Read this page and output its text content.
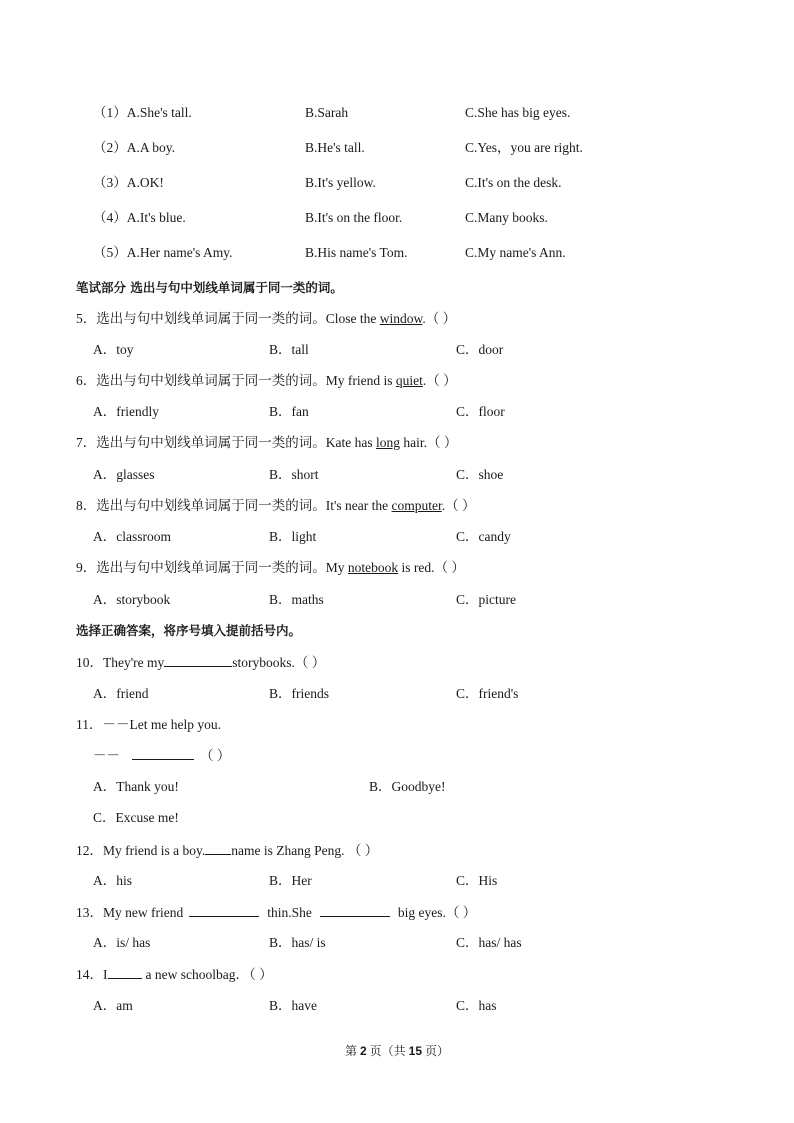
（1）A.She's tall.	B.Sarah	C.She has big eyes.
（2）A.A boy.	B.He's tall.	C.Yes，you are right.
（3）A.OK!	B.It's yellow.	C.It's on the desk.
（4）A.It's blue.	B.It's on the floor.	C.Many books.
（5）A.Her name's Amy.	B.His name's Tom.	C.My name's Ann.
笔试部分 选出与句中划线单词属于同一类的词。
5．选出与句中划线单词属于同一类的词。Close the window.（ ）
A．toy	B．tall	C．door
6．选出与句中划线单词属于同一类的词。My friend is quiet.（ ）
A．friendly	B．fan	C．floor
7．选出与句中划线单词属于同一类的词。Kate has long hair.（ ）
A．glasses	B．short	C．shoe
8．选出与句中划线单词属于同一类的词。It's near the computer.（ ）
A．classroom	B．light	C．candy
9．选出与句中划线单词属于同一类的词。My notebook is red.（ ）
A．storybook	B．maths	C．picture
选择正确答案，将序号填入提前括号内。
10．They're my	storybooks.（ ）
A．friend	B．friends	C．friend's
11．－－Let me help you.
－－	（ ）
A．Thank you!	B．Goodbye!
C．Excuse me!
12．My friend is a boy. name is Zhang Peng. （ ）
A．his	B．Her	C．His
13．My new friend	thin.She	big eyes.（ ）
A．is/ has	B．has/ is	C．has/ has
14．I	a new schoolbag．（ ）
A．am	B．have	C．has
第 2 页（共 15 页）
